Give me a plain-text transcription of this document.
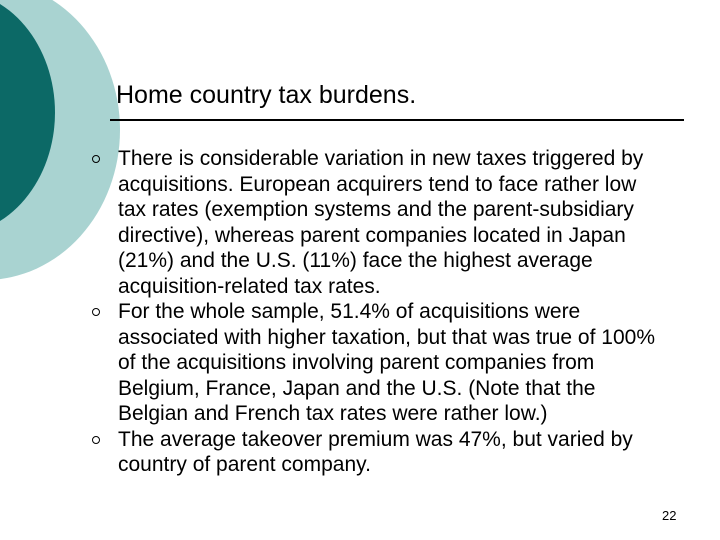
Home country tax burdens.
There is considerable variation in new taxes triggered by acquisitions. European acquirers tend to face rather low tax rates (exemption systems and the parent-subsidiary directive), whereas parent companies located in Japan (21%) and the U.S. (11%) face the highest average acquisition-related tax rates.
For the whole sample, 51.4% of acquisitions were associated with higher taxation, but that was true of 100% of the acquisitions involving parent companies from Belgium, France, Japan and the U.S. (Note that the Belgian and French tax rates were rather low.)
The average takeover premium was 47%, but varied by country of parent company.
22
